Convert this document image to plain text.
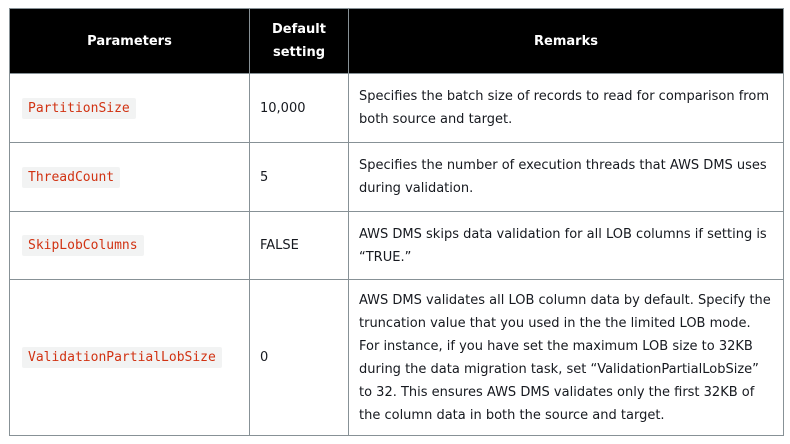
Parameters	Default setting	Remarks
PartitionSize	10,000	Specifies the batch size of records to read for comparison from both source and target.
ThreadCount	5	Specifies the number of execution threads that AWS DMS uses during validation.
SkipLobColumns	FALSE	AWS DMS skips data validation for all LOB columns if setting is “TRUE.”
ValidationPartialLobSize	0	AWS DMS validates all LOB column data by default. Specify the truncation value that you used in the the limited LOB mode. For instance, if you have set the maximum LOB size to 32KB during the data migration task, set “ValidationPartialLobSize” to 32. This ensures AWS DMS validates only the first 32KB of the column data in both the source and target.
